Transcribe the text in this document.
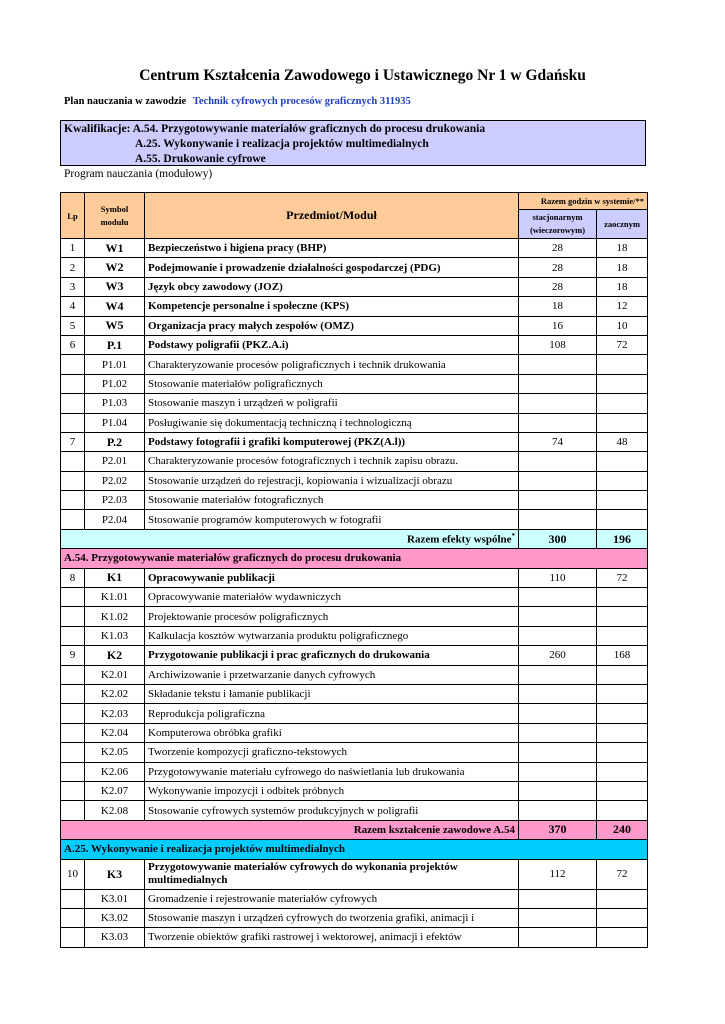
Centrum Kształcenia Zawodowego i Ustawicznego Nr 1 w Gdańsku
Plan nauczania w zawodzie Technik cyfrowych procesów graficznych 311935
Kwalifikacje: A.54. Przygotowywanie materiałów graficznych do procesu drukowania
A.25. Wykonywanie i realizacja projektów multimedialnych
A.55. Drukowanie cyfrowe
Program nauczania (modułowy)
Lp	Symbol modułu	Przedmiot/Moduł	Razem godzin w systemie/**	
			stacjonarnym (wieczorowym)	zaocznym
1	W1	Bezpieczeństwo i higiena pracy (BHP)	28	18
2	W2	Podejmowanie i prowadzenie działalności gospodarczej (PDG)	28	18
3	W3	Język obcy zawodowy (JOZ)	28	18
4	W4	Kompetencje personalne i społeczne (KPS)	18	12
5	W5	Organizacja pracy małych zespołów (OMZ)	16	10
6	P.1	Podstawy poligrafii (PKZ.A.i)	108	72
	P1.01	Charakteryzowanie procesów poligraficznych i technik drukowania		
	P1.02	Stosowanie materiałów poligraficznych		
	P1.03	Stosowanie maszyn i urządzeń w poligrafii		
	P1.04	Posługiwanie się dokumentacją techniczną i technologiczną		
7	P.2	Podstawy fotografii i grafiki komputerowej (PKZ(A.l))	74	48
	P2.01	Charakteryzowanie procesów fotograficznych i technik zapisu obrazu.		
	P2.02	Stosowanie urządzeń do rejestracji, kopiowania i wizualizacji obrazu		
	P2.03	Stosowanie materiałów fotograficznych		
	P2.04	Stosowanie programów komputerowych w fotografii		
Razem efekty wspólne*			300	196
A.54. Przygotowywanie materiałów graficznych do procesu drukowania				
8	K1	Opracowywanie publikacji	110	72
	K1.01	Opracowywanie materiałów wydawniczych		
	K1.02	Projektowanie procesów poligraficznych		
	K1.03	Kalkulacja kosztów wytwarzania produktu poligraficznego		
9	K2	Przygotowanie publikacji i prac graficznych do drukowania	260	168
	K2.01	Archiwizowanie i przetwarzanie danych cyfrowych		
	K2.02	Składanie tekstu i łamanie publikacji		
	K2.03	Reprodukcja poligraficzna		
	K2.04	Komputerowa obróbka grafiki		
	K2.05	Tworzenie kompozycji graficzno-tekstowych		
	K2.06	Przygotowywanie materiału cyfrowego do naświetlania lub drukowania		
	K2.07	Wykonywanie impozycji i odbitek próbnych		
	K2.08	Stosowanie cyfrowych systemów produkcyjnych w poligrafii		
Razem kształcenie zawodowe A.54			370	240
A.25. Wykonywanie i realizacja projektów multimedialnych				
10	K3	Przygotowywanie materiałów cyfrowych do wykonania projektów multimedialnych	112	72
	K3.01	Gromadzenie i rejestrowanie materiałów cyfrowych		
	K3.02	Stosowanie maszyn i urządzeń cyfrowych do tworzenia grafiki, animacji i		
	K3.03	Tworzenie obiektów grafiki rastrowej i wektorowej, animacji i efektów		
